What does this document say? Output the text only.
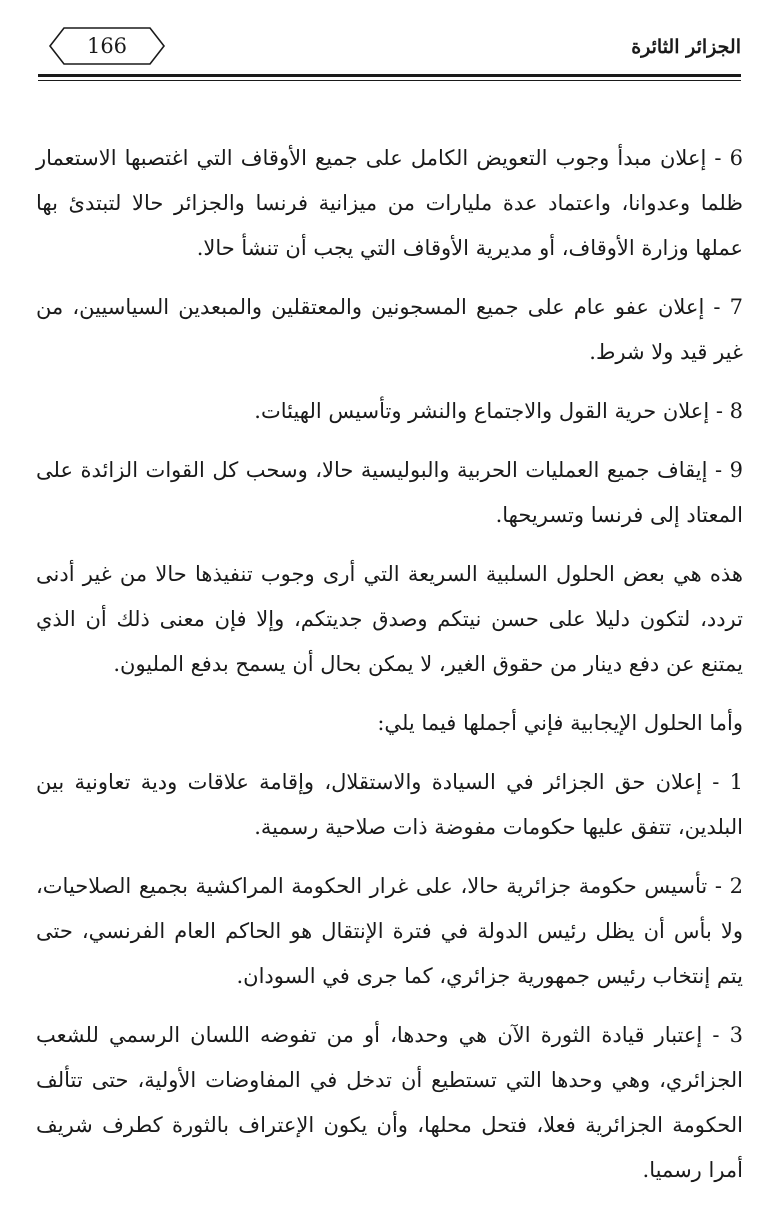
الجزائر الثائرة
166

6 - إعلان مبدأ وجوب التعويض الكامل على جميع الأوقاف التي اغتصبها الاستعمار ظلما وعدوانا، واعتماد عدة مليارات من ميزانية فرنسا والجزائر حالا لتبتدئ بها عملها وزارة الأوقاف، أو مديرية الأوقاف التي يجب أن تنشأ حالا.

7 - إعلان عفو عام على جميع المسجونين والمعتقلين والمبعدين السياسيين، من غير قيد ولا شرط.

8 - إعلان حرية القول والاجتماع والنشر وتأسيس الهيئات.

9 - إيقاف جميع العمليات الحربية والبوليسية حالا، وسحب كل القوات الزائدة على المعتاد إلى فرنسا وتسريحها.

هذه هي بعض الحلول السلبية السريعة التي أرى وجوب تنفيذها حالا من غير أدنى تردد، لتكون دليلا على حسن نيتكم وصدق جديتكم، وإلا فإن معنى ذلك أن الذي يمتنع عن دفع دينار من حقوق الغير، لا يمكن بحال أن يسمح بدفع المليون.

وأما الحلول الإيجابية فإني أجملها فيما يلي:

1 - إعلان حق الجزائر في السيادة والاستقلال، وإقامة علاقات ودية تعاونية بين البلدين، تتفق عليها حكومات مفوضة ذات صلاحية رسمية.

2 - تأسيس حكومة جزائرية حالا، على غرار الحكومة المراكشية بجميع الصلاحيات، ولا بأس أن يظل رئيس الدولة في فترة الإنتقال هو الحاكم العام الفرنسي، حتى يتم إنتخاب رئيس جمهورية جزائري، كما جرى في السودان.

3 - إعتبار قيادة الثورة الآن هي وحدها، أو من تفوضه اللسان الرسمي للشعب الجزائري، وهي وحدها التي تستطيع أن تدخل في المفاوضات الأولية، حتى تتألف الحكومة الجزائرية فعلا، فتحل محلها، وأن يكون الإعتراف بالثورة كطرف شريف أمرا رسميا.
